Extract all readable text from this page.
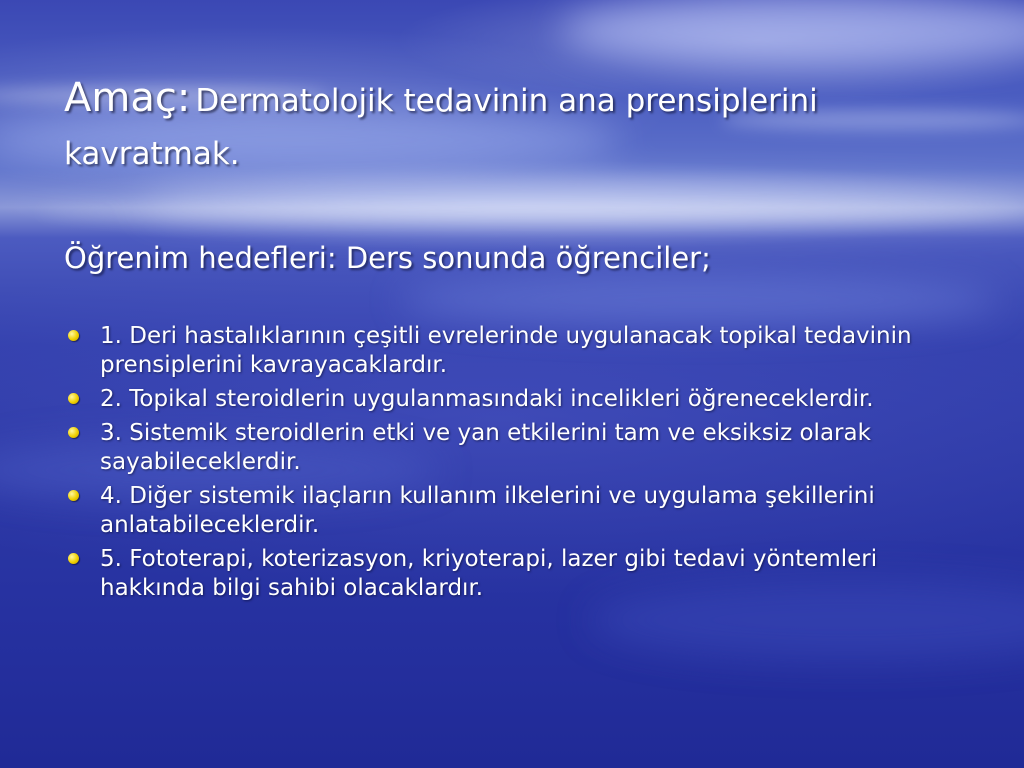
Amaç: Dermatolojik tedavinin ana prensiplerini kavratmak.
Öğrenim hedefleri: Ders sonunda öğrenciler;
1. Deri hastalıklarının çeşitli evrelerinde uygulanacak topikal tedavinin prensiplerini kavrayacaklardır.
2. Topikal steroidlerin uygulanmasındaki incelikleri öğreneceklerdir.
3. Sistemik steroidlerin etki ve yan etkilerini tam ve eksiksiz olarak sayabileceklerdir.
4. Diğer sistemik ilaçların kullanım ilkelerini ve uygulama şekillerini anlatabileceklerdir.
5. Fototerapi, koterizasyon, kriyoterapi, lazer gibi tedavi yöntemleri hakkında bilgi sahibi olacaklardır.
